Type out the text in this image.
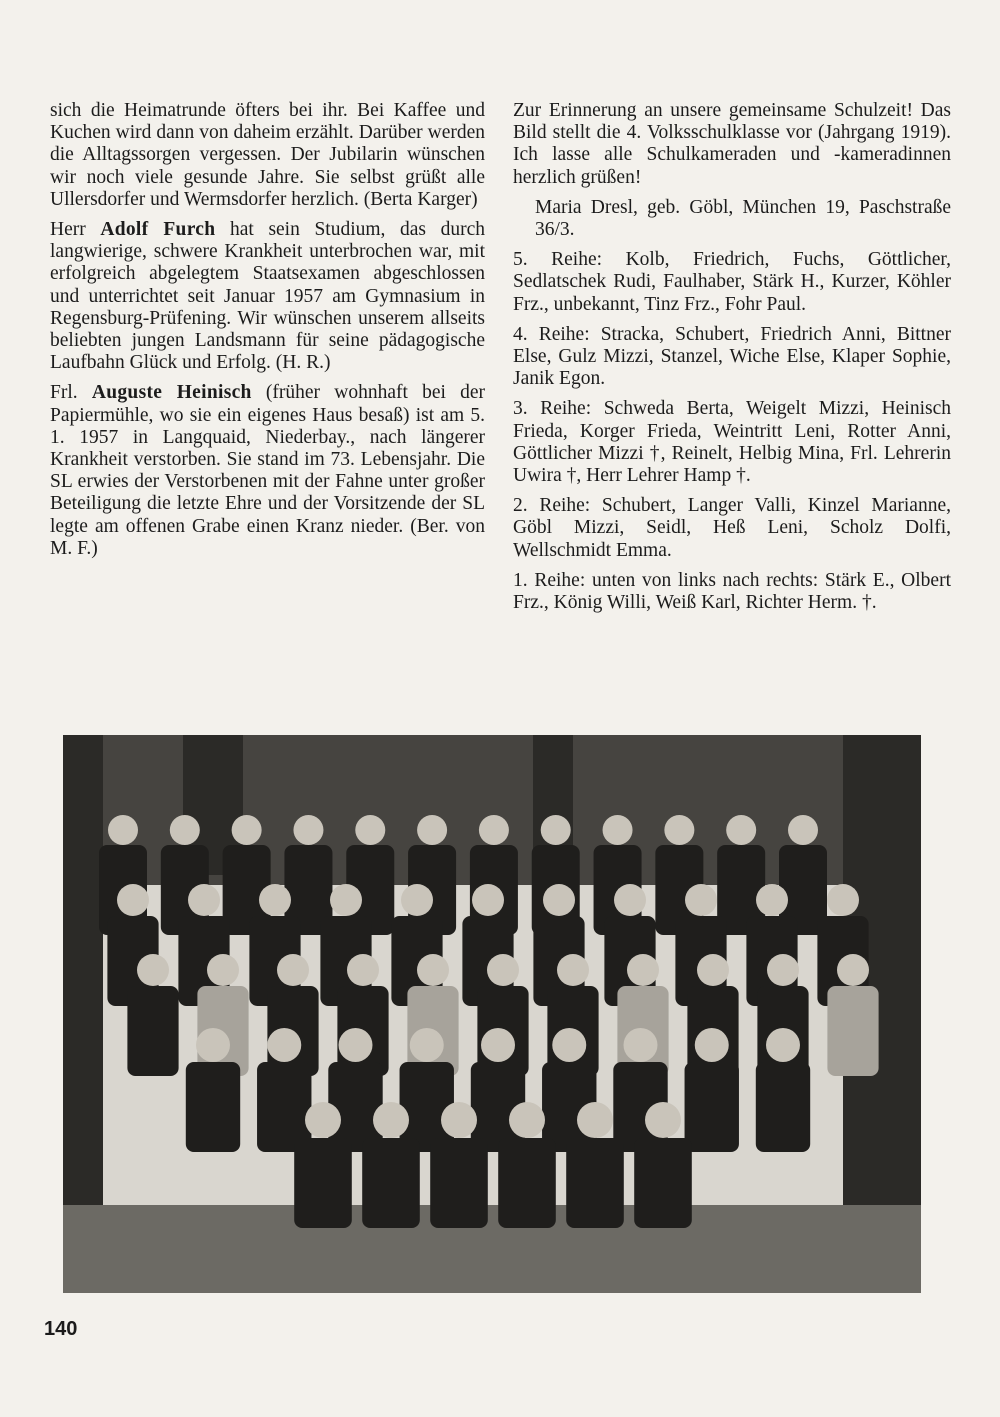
sich die Heimatrunde öfters bei ihr. Bei Kaffee und Kuchen wird dann von daheim erzählt. Darüber werden die Alltagssorgen vergessen. Der Jubilarin wünschen wir noch viele gesunde Jahre. Sie selbst grüßt alle Ullersdorfer und Wermsdorfer herzlich. (Berta Karger)

Herr Adolf Furch hat sein Studium, das durch langwierige, schwere Krankheit unterbrochen war, mit erfolgreich abgelegtem Staatsexamen abgeschlossen und unterrichtet seit Januar 1957 am Gymnasium in Regensburg-Prüfening. Wir wünschen unserem allseits beliebten jungen Landsmann für seine pädagogische Laufbahn Glück und Erfolg. (H. R.)

Frl. Auguste Heinisch (früher wohnhaft bei der Papiermühle, wo sie ein eigenes Haus besaß) ist am 5. 1. 1957 in Langquaid, Niederbay., nach längerer Krankheit verstorben. Sie stand im 73. Lebensjahr. Die SL erwies der Verstorbenen mit der Fahne unter großer Beteiligung die letzte Ehre und der Vorsitzende der SL legte am offenen Grabe einen Kranz nieder. (Ber. von M. F.)

Zur Erinnerung an unsere gemeinsame Schulzeit! Das Bild stellt die 4. Volksschulklasse vor (Jahrgang 1919). Ich lasse alle Schulkameraden und -kameradinnen herzlich grüßen!

Maria Dresl, geb. Göbl, München 19, Paschstraße 36/3.

5. Reihe: Kolb, Friedrich, Fuchs, Göttlicher, Sedlatschek Rudi, Faulhaber, Stärk H., Kurzer, Köhler Frz., unbekannt, Tinz Frz., Fohr Paul.

4. Reihe: Stracka, Schubert, Friedrich Anni, Bittner Else, Gulz Mizzi, Stanzel, Wiche Else, Klaper Sophie, Janik Egon.

3. Reihe: Schweda Berta, Weigelt Mizzi, Heinisch Frieda, Korger Frieda, Weintritt Leni, Rotter Anni, Göttlicher Mizzi †, Reinelt, Helbig Mina, Frl. Lehrerin Uwira †, Herr Lehrer Hamp †.

2. Reihe: Schubert, Langer Valli, Kinzel Marianne, Göbl Mizzi, Seidl, Heß Leni, Scholz Dolfi, Wellschmidt Emma.

1. Reihe: unten von links nach rechts: Stärk E., Olbert Frz., König Willi, Weiß Karl, Richter Herm. †.

140
